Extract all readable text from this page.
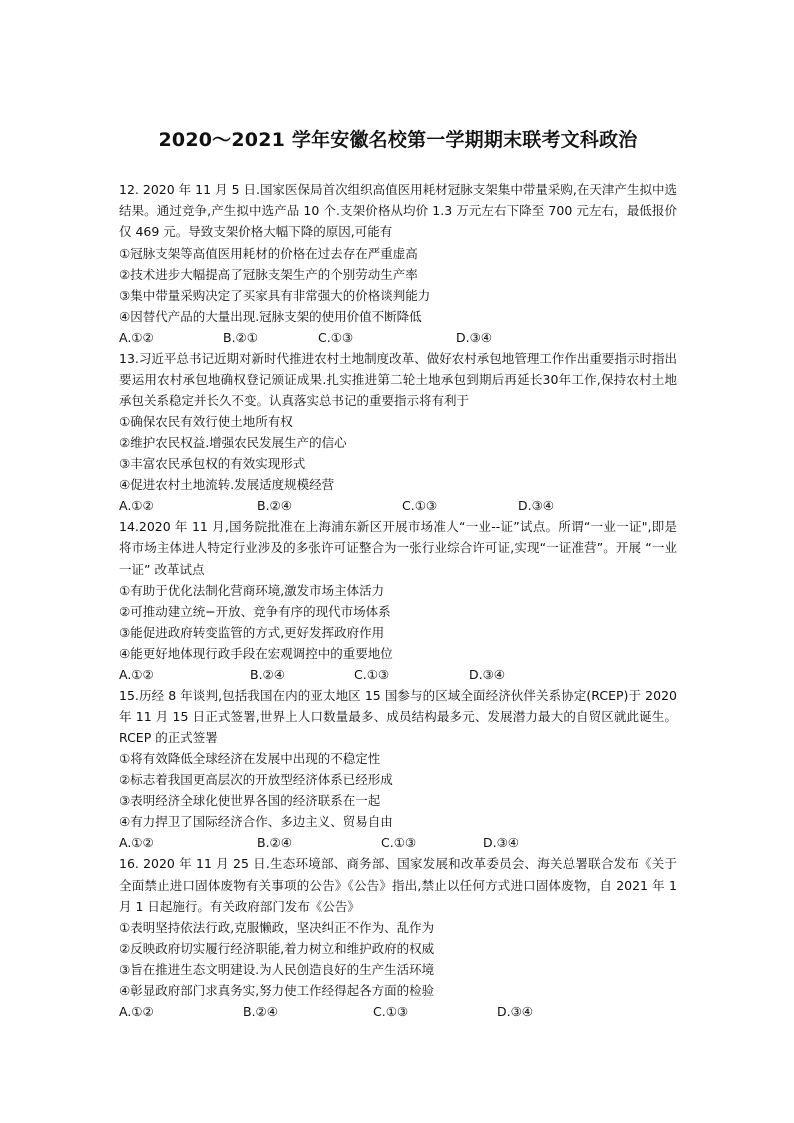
2020～2021 学年安徽名校第一学期期末联考文科政治
12. 2020 年 11 月 5 日.国家医保局首次组织高值医用耗材冠脉支架集中带量采购,在天津产生拟中选结果。通过竞争,产生拟中选产品 10 个.支架价格从均价 1.3 万元左右下降至 700 元左右，最低报价仅 469 元。导致支架价格大幅下降的原因,可能有
①冠脉支架等高值医用耗材的价格在过去存在严重虚高
②技术进步大幅提高了冠脉支架生产的个别劳动生产率
③集中带量采购决定了买家具有非常强大的价格谈判能力
④因替代产品的大量出现.冠脉支架的使用价值不断降低
A.①②	B.②①	C.①③	D.③④
13.习近平总书记近期对新时代推进农村土地制度改革、做好农村承包地管理工作作出重要指示时指出要运用农村承包地确权登记颁证成果.扎实推进第二轮土地承包到期后再延长30年工作,保持农村土地承包关系稳定并长久不变。认真落实总书记的重要指示将有利于
①确保农民有效行使土地所有权
②维护农民权益.增强农民发展生产的信心
③丰富农民承包权的有效实现形式
④促进农村土地流转.发展适度规模经营
A.①②	B.②④	C.①③	D.③④
14.2020 年 11 月,国务院批准在上海浦东新区开展市场准人“一业-‑证”试点。所谓“一业一证",即是将市场主体进人特定行业涉及的多张许可证整合为一张行业综合许可证,实现“一证准营”。开展 “一业一证” 改革试点
①有助于优化法制化营商环境,激发市场主体活力
②可推动建立统−开放、竞争有序的现代市场体系
③能促进政府转变监管的方式,更好发挥政府作用
④能更好地体现行政手段在宏观调控中的重要地位
A.①②	B.②④	C.①③	D.③④
15.历经 8 年谈判,包括我国在内的亚太地区 15 国参与的区域全面经济伙伴关系协定(RCEP)于 2020 年 11 月 15 日正式签署,世界上人口数量最多、成员结构最多元、发展潜力最大的自贸区就此诞生。RCEP 的正式签署
①将有效降低全球经济在发展中出现的不稳定性
②标志着我国更高层次的开放型经济体系已经形成
③表明经济全球化使世界各国的经济联系在一起
④有力捍卫了国际经济合作、多边主义、贸易自由
A.①②	B.②④	C.①③	D.③④
16. 2020 年 11 月 25 日.生态环境部、商务部、国家发展和改革委员会、海关总署联合发布《关于全面禁止进口固体废物有关事项的公告》《公告》指出,禁止以任何方式进口固体废物，自 2021 年 1 月 1 日起施行。有关政府部门发布《公告》
①表明坚持依法行政,克服懒政，坚决纠正不作为、乱作为
②反映政府切实履行经济职能,着力树立和维护政府的权威
③旨在推进生态文明建设.为人民创造良好的生产生活环境
④彰显政府部门求真务实,努力使工作经得起各方面的检验
A.①②	B.②④	C.①③	D.③④
